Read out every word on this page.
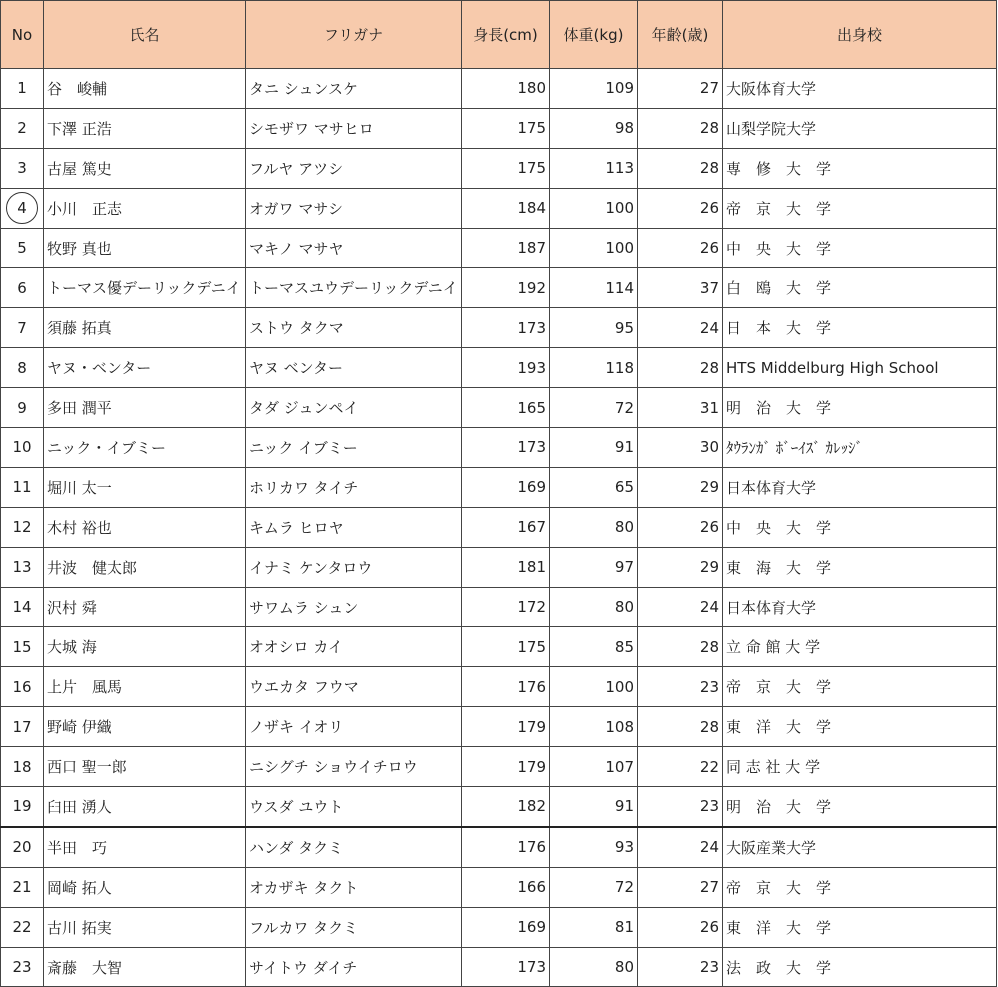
No	氏名	フリガナ	身長(cm)	体重(kg)	年齢(歳)	出身校
1	谷　峻輔	タニ シュンスケ	180	109	27	大阪体育大学
2	下澤 正浩	シモザワ マサヒロ	175	98	28	山梨学院大学
3	古屋 篤史	フルヤ アツシ	175	113	28	専　修　大　学
4	小川　正志	オガワ マサシ	184	100	26	帝　京　大　学
5	牧野 真也	マキノ マサヤ	187	100	26	中　央　大　学
6	トーマス優デーリックデニイ	トーマスユウデーリックデニイ	192	114	37	白　鴎　大　学
7	須藤 拓真	ストウ タクマ	173	95	24	日　本　大　学
8	ヤヌ・ベンター	ヤヌ ベンター	193	118	28	HTS Middelburg High School
9	多田 潤平	タダ ジュンペイ	165	72	31	明　治　大　学
10	ニック・イブミー	ニック イブミー	173	91	30	ﾀｳﾗﾝｶﾞ ﾎﾞｰｲｽﾞ ｶﾚｯｼﾞ
11	堀川 太一	ホリカワ タイチ	169	65	29	日本体育大学
12	木村 裕也	キムラ ヒロヤ	167	80	26	中　央　大　学
13	井波　健太郎	イナミ ケンタロウ	181	97	29	東　海　大　学
14	沢村 舜	サワムラ シュン	172	80	24	日本体育大学
15	大城 海	オオシロ カイ	175	85	28	立 命 館 大 学
16	上片　風馬	ウエカタ フウマ	176	100	23	帝　京　大　学
17	野崎 伊織	ノザキ イオリ	179	108	28	東　洋　大　学
18	西口 聖一郎	ニシグチ ショウイチロウ	179	107	22	同 志 社 大 学
19	臼田 湧人	ウスダ ユウト	182	91	23	明　治　大　学
20	半田　巧	ハンダ タクミ	176	93	24	大阪産業大学
21	岡崎 拓人	オカザキ タクト	166	72	27	帝　京　大　学
22	古川 拓実	フルカワ タクミ	169	81	26	東　洋　大　学
23	斎藤　大智	サイトウ ダイチ	173	80	23	法　政　大　学
